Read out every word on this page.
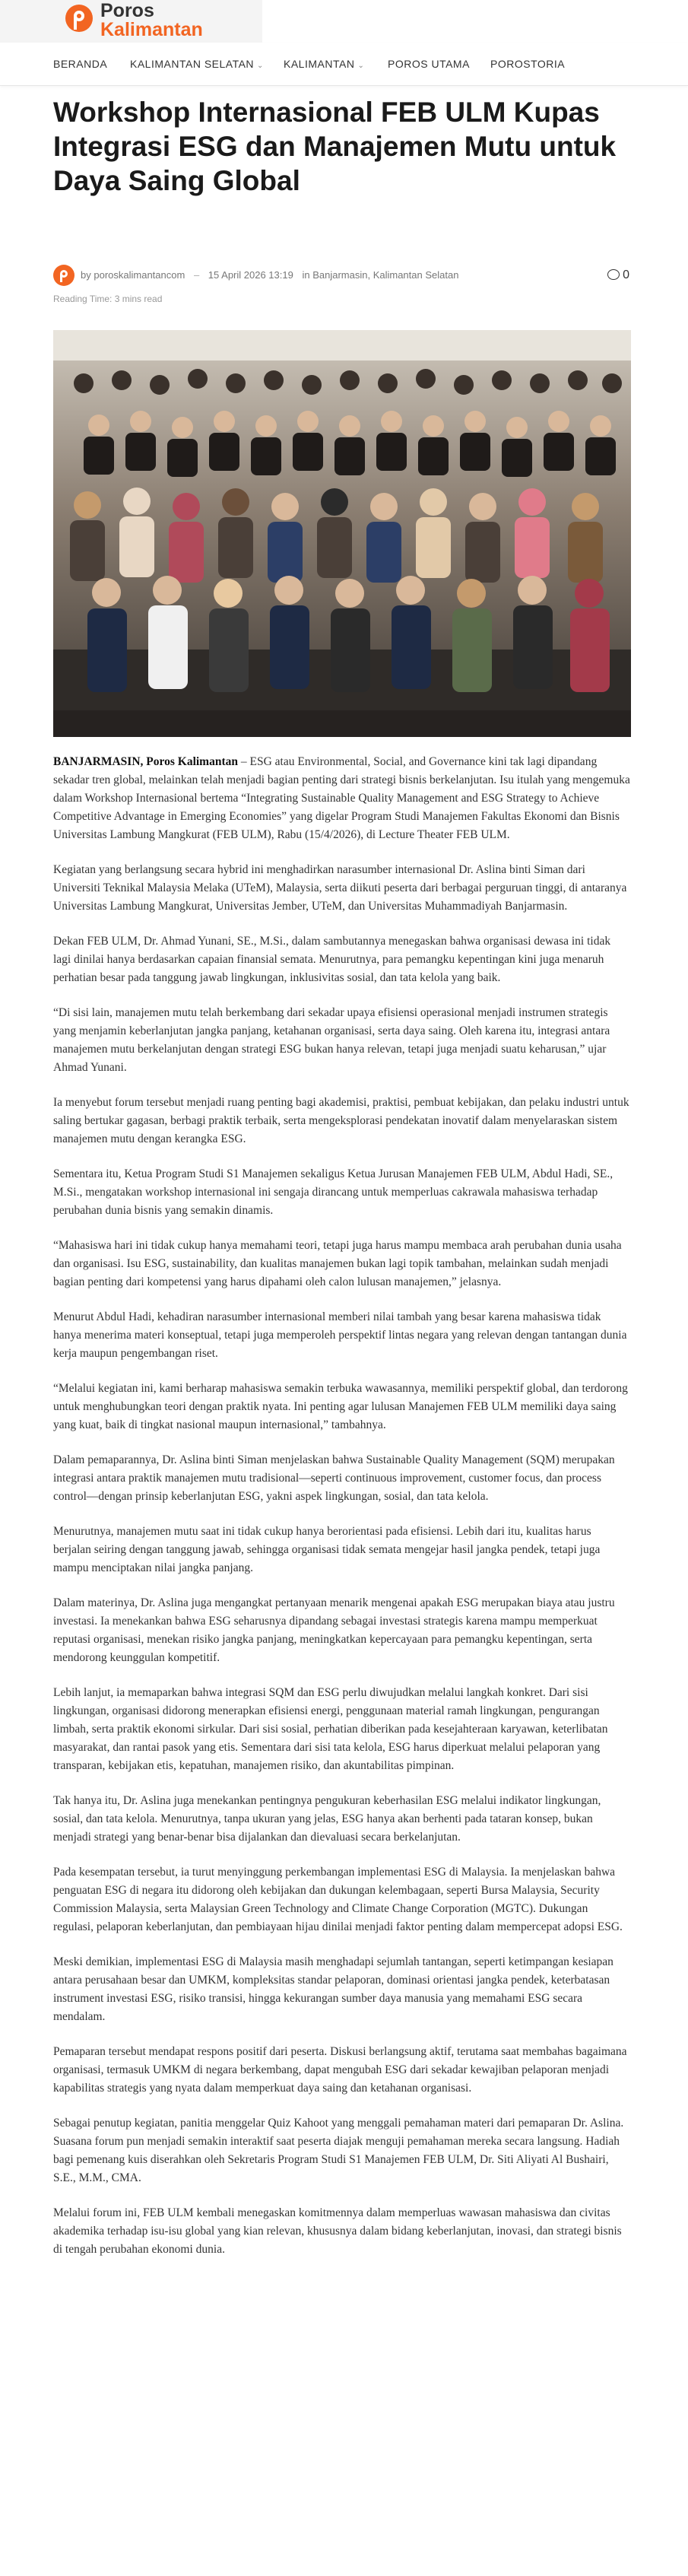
Poros
Kalimantan
BERANDA KALIMANTAN SELATAN ⌄ KALIMANTAN ⌄ POROS UTAMA POROSTORIA
Workshop Internasional FEB ULM Kupas Integrasi ESG dan Manajemen Mutu untuk Daya Saing Global
by poroskalimantancom – 15 April 2026 13:19 in Banjarmasin, Kalimantan Selatan	0
Reading Time: 3 mins read

BANJARMASIN, Poros Kalimantan – ESG atau Environmental, Social, and Governance kini tak lagi dipandang sekadar tren global, melainkan telah menjadi bagian penting dari strategi bisnis berkelanjutan. Isu itulah yang mengemuka dalam Workshop Internasional bertema “Integrating Sustainable Quality Management and ESG Strategy to Achieve Competitive Advantage in Emerging Economies” yang digelar Program Studi Manajemen Fakultas Ekonomi dan Bisnis Universitas Lambung Mangkurat (FEB ULM), Rabu (15/4/2026), di Lecture Theater FEB ULM.

Kegiatan yang berlangsung secara hybrid ini menghadirkan narasumber internasional Dr. Aslina binti Siman dari Universiti Teknikal Malaysia Melaka (UTeM), Malaysia, serta diikuti peserta dari berbagai perguruan tinggi, di antaranya Universitas Lambung Mangkurat, Universitas Jember, UTeM, dan Universitas Muhammadiyah Banjarmasin.

Dekan FEB ULM, Dr. Ahmad Yunani, SE., M.Si., dalam sambutannya menegaskan bahwa organisasi dewasa ini tidak lagi dinilai hanya berdasarkan capaian finansial semata. Menurutnya, para pemangku kepentingan kini juga menaruh perhatian besar pada tanggung jawab lingkungan, inklusivitas sosial, dan tata kelola yang baik.

“Di sisi lain, manajemen mutu telah berkembang dari sekadar upaya efisiensi operasional menjadi instrumen strategis yang menjamin keberlanjutan jangka panjang, ketahanan organisasi, serta daya saing. Oleh karena itu, integrasi antara manajemen mutu berkelanjutan dengan strategi ESG bukan hanya relevan, tetapi juga menjadi suatu keharusan,” ujar Ahmad Yunani.

Ia menyebut forum tersebut menjadi ruang penting bagi akademisi, praktisi, pembuat kebijakan, dan pelaku industri untuk saling bertukar gagasan, berbagi praktik terbaik, serta mengeksplorasi pendekatan inovatif dalam menyelaraskan sistem manajemen mutu dengan kerangka ESG.

Sementara itu, Ketua Program Studi S1 Manajemen sekaligus Ketua Jurusan Manajemen FEB ULM, Abdul Hadi, SE., M.Si., mengatakan workshop internasional ini sengaja dirancang untuk memperluas cakrawala mahasiswa terhadap perubahan dunia bisnis yang semakin dinamis.

“Mahasiswa hari ini tidak cukup hanya memahami teori, tetapi juga harus mampu membaca arah perubahan dunia usaha dan organisasi. Isu ESG, sustainability, dan kualitas manajemen bukan lagi topik tambahan, melainkan sudah menjadi bagian penting dari kompetensi yang harus dipahami oleh calon lulusan manajemen,” jelasnya.

Menurut Abdul Hadi, kehadiran narasumber internasional memberi nilai tambah yang besar karena mahasiswa tidak hanya menerima materi konseptual, tetapi juga memperoleh perspektif lintas negara yang relevan dengan tantangan dunia kerja maupun pengembangan riset.

“Melalui kegiatan ini, kami berharap mahasiswa semakin terbuka wawasannya, memiliki perspektif global, dan terdorong untuk menghubungkan teori dengan praktik nyata. Ini penting agar lulusan Manajemen FEB ULM memiliki daya saing yang kuat, baik di tingkat nasional maupun internasional,” tambahnya.

Dalam pemaparannya, Dr. Aslina binti Siman menjelaskan bahwa Sustainable Quality Management (SQM) merupakan integrasi antara praktik manajemen mutu tradisional—seperti continuous improvement, customer focus, dan process control—dengan prinsip keberlanjutan ESG, yakni aspek lingkungan, sosial, dan tata kelola.

Menurutnya, manajemen mutu saat ini tidak cukup hanya berorientasi pada efisiensi. Lebih dari itu, kualitas harus berjalan seiring dengan tanggung jawab, sehingga organisasi tidak semata mengejar hasil jangka pendek, tetapi juga mampu menciptakan nilai jangka panjang.

Dalam materinya, Dr. Aslina juga mengangkat pertanyaan menarik mengenai apakah ESG merupakan biaya atau justru investasi. Ia menekankan bahwa ESG seharusnya dipandang sebagai investasi strategis karena mampu memperkuat reputasi organisasi, menekan risiko jangka panjang, meningkatkan kepercayaan para pemangku kepentingan, serta mendorong keunggulan kompetitif.

Lebih lanjut, ia memaparkan bahwa integrasi SQM dan ESG perlu diwujudkan melalui langkah konkret. Dari sisi lingkungan, organisasi didorong menerapkan efisiensi energi, penggunaan material ramah lingkungan, pengurangan limbah, serta praktik ekonomi sirkular. Dari sisi sosial, perhatian diberikan pada kesejahteraan karyawan, keterlibatan masyarakat, dan rantai pasok yang etis. Sementara dari sisi tata kelola, ESG harus diperkuat melalui pelaporan yang transparan, kebijakan etis, kepatuhan, manajemen risiko, dan akuntabilitas pimpinan.

Tak hanya itu, Dr. Aslina juga menekankan pentingnya pengukuran keberhasilan ESG melalui indikator lingkungan, sosial, dan tata kelola. Menurutnya, tanpa ukuran yang jelas, ESG hanya akan berhenti pada tataran konsep, bukan menjadi strategi yang benar-benar bisa dijalankan dan dievaluasi secara berkelanjutan.

Pada kesempatan tersebut, ia turut menyinggung perkembangan implementasi ESG di Malaysia. Ia menjelaskan bahwa penguatan ESG di negara itu didorong oleh kebijakan dan dukungan kelembagaan, seperti Bursa Malaysia, Security Commission Malaysia, serta Malaysian Green Technology and Climate Change Corporation (MGTC). Dukungan regulasi, pelaporan keberlanjutan, dan pembiayaan hijau dinilai menjadi faktor penting dalam mempercepat adopsi ESG.

Meski demikian, implementasi ESG di Malaysia masih menghadapi sejumlah tantangan, seperti ketimpangan kesiapan antara perusahaan besar dan UMKM, kompleksitas standar pelaporan, dominasi orientasi jangka pendek, keterbatasan instrument investasi ESG, risiko transisi, hingga kekurangan sumber daya manusia yang memahami ESG secara mendalam.

Pemaparan tersebut mendapat respons positif dari peserta. Diskusi berlangsung aktif, terutama saat membahas bagaimana organisasi, termasuk UMKM di negara berkembang, dapat mengubah ESG dari sekadar kewajiban pelaporan menjadi kapabilitas strategis yang nyata dalam memperkuat daya saing dan ketahanan organisasi.

Sebagai penutup kegiatan, panitia menggelar Quiz Kahoot yang menggali pemahaman materi dari pemaparan Dr. Aslina. Suasana forum pun menjadi semakin interaktif saat peserta diajak menguji pemahaman mereka secara langsung. Hadiah bagi pemenang kuis diserahkan oleh Sekretaris Program Studi S1 Manajemen FEB ULM, Dr. Siti Aliyati Al Bushairi, S.E., M.M., CMA.

Melalui forum ini, FEB ULM kembali menegaskan komitmennya dalam memperluas wawasan mahasiswa dan civitas akademika terhadap isu-isu global yang kian relevan, khususnya dalam bidang keberlanjutan, inovasi, dan strategi bisnis di tengah perubahan ekonomi dunia.
